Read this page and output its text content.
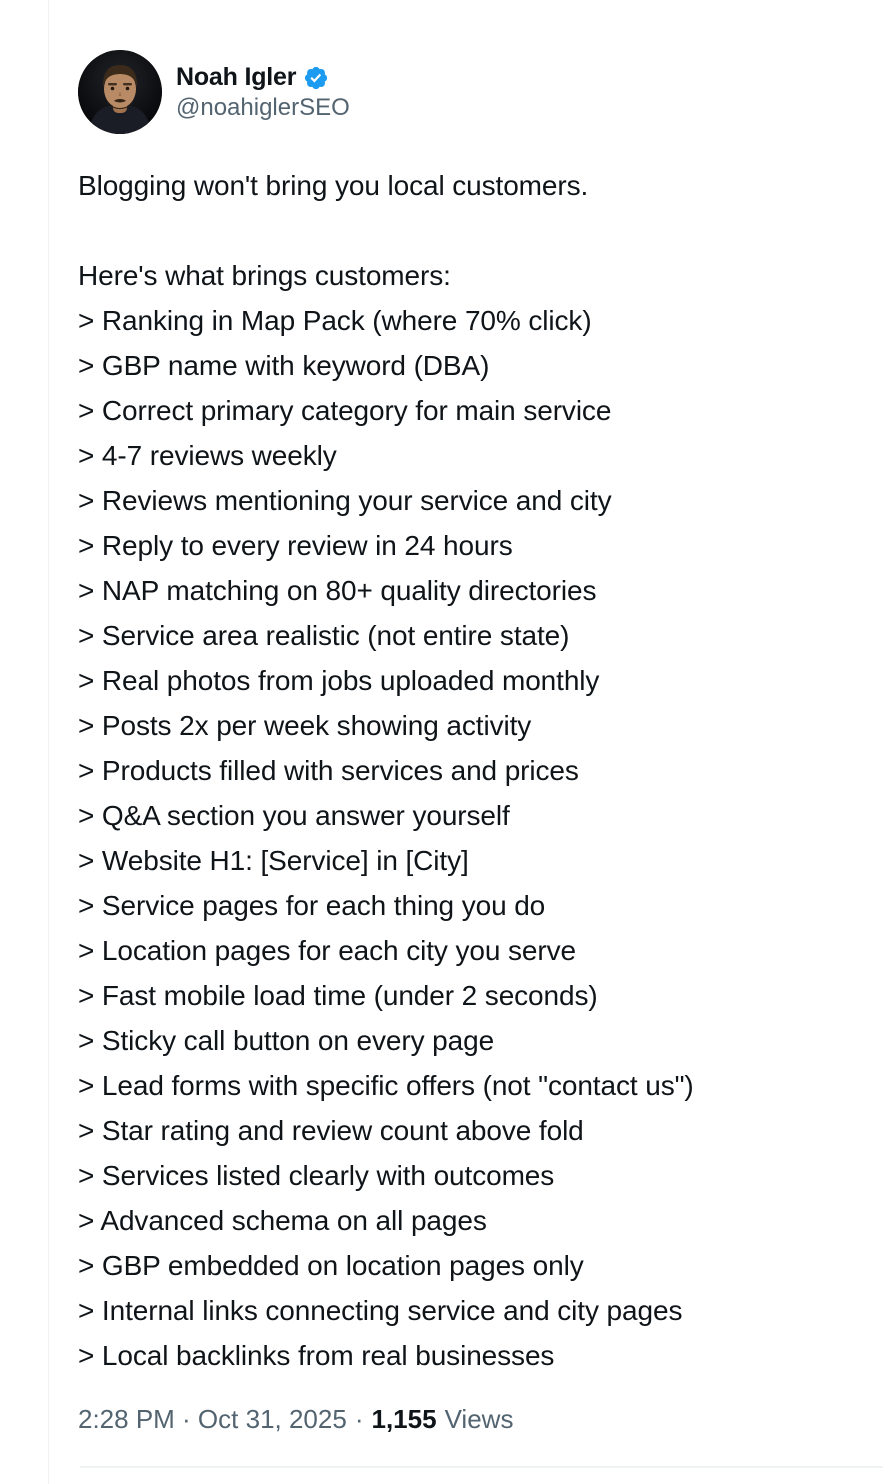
Noah Igler
@noahiglerSEO
Blogging won't bring you local customers.
Here's what brings customers:
> Ranking in Map Pack (where 70% click)
> GBP name with keyword (DBA)
> Correct primary category for main service
> 4-7 reviews weekly
> Reviews mentioning your service and city
> Reply to every review in 24 hours
> NAP matching on 80+ quality directories
> Service area realistic (not entire state)
> Real photos from jobs uploaded monthly
> Posts 2x per week showing activity
> Products filled with services and prices
> Q&A section you answer yourself
> Website H1: [Service] in [City]
> Service pages for each thing you do
> Location pages for each city you serve
> Fast mobile load time (under 2 seconds)
> Sticky call button on every page
> Lead forms with specific offers (not "contact us")
> Star rating and review count above fold
> Services listed clearly with outcomes
> Advanced schema on all pages
> GBP embedded on location pages only
> Internal links connecting service and city pages
> Local backlinks from real businesses
2:28 PM · Oct 31, 2025 · 1,155 Views
